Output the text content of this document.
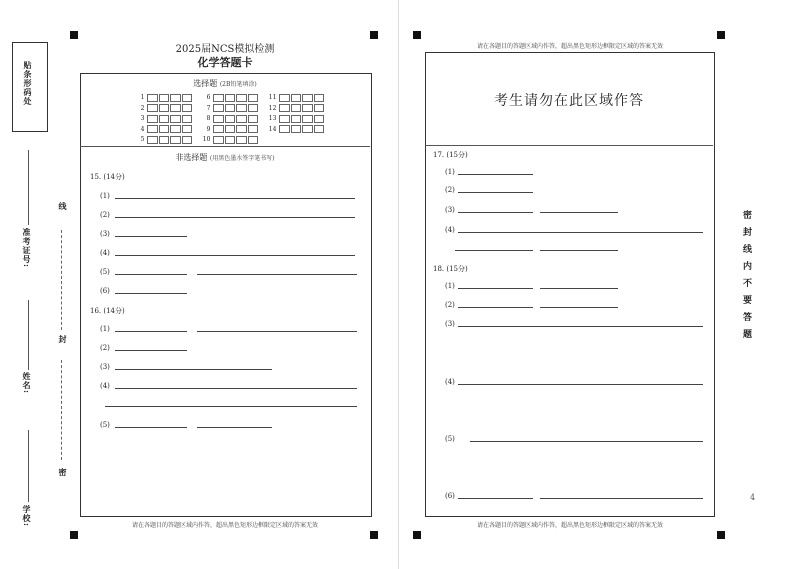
贴条形码处
准考证号:
姓名:
学校:
线
封
密
2025届NCS模拟检测
化学答题卡
选择题 (2B铅笔填涂)
1	6	11
2	7	12
3	8	13
4	9	14
5	10
非选择题 (用黑色墨水签字笔书写)
15. (14分)
(1)
(2)
(3)
(4)
(5)
(6)
16. (14分)
(1)
(2)
(3)
(4)
(5)
请在各题目的答题区域内作答，超出黑色矩形边框限定区域的答案无效
请在各题目的答题区域内作答，超出黑色矩形边框限定区域的答案无效
考生请勿在此区域作答
17. (15分)
(1)
(2)
(3)
(4)
18. (15分)
(1)
(2)
(3)
(4)
(5)
(6)
请在各题目的答题区域内作答，超出黑色矩形边框限定区域的答案无效
密封线内不要答题
4
